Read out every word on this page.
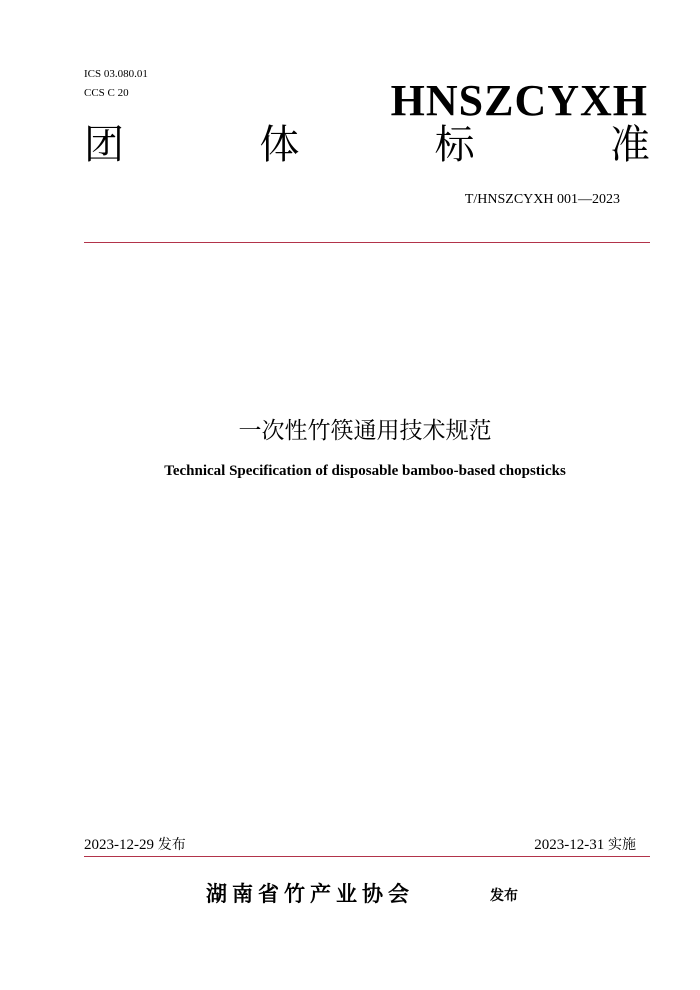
ICS 03.080.01
CCS C 20	HNSZCYXH
团	体	标	准
T/HNSZCYXH 001—2023
一次性竹筷通用技术规范
Technical Specification of disposable bamboo-based chopsticks
2023-12-29 发布	2023-12-31 实施
湖南省竹产业协会	发布
